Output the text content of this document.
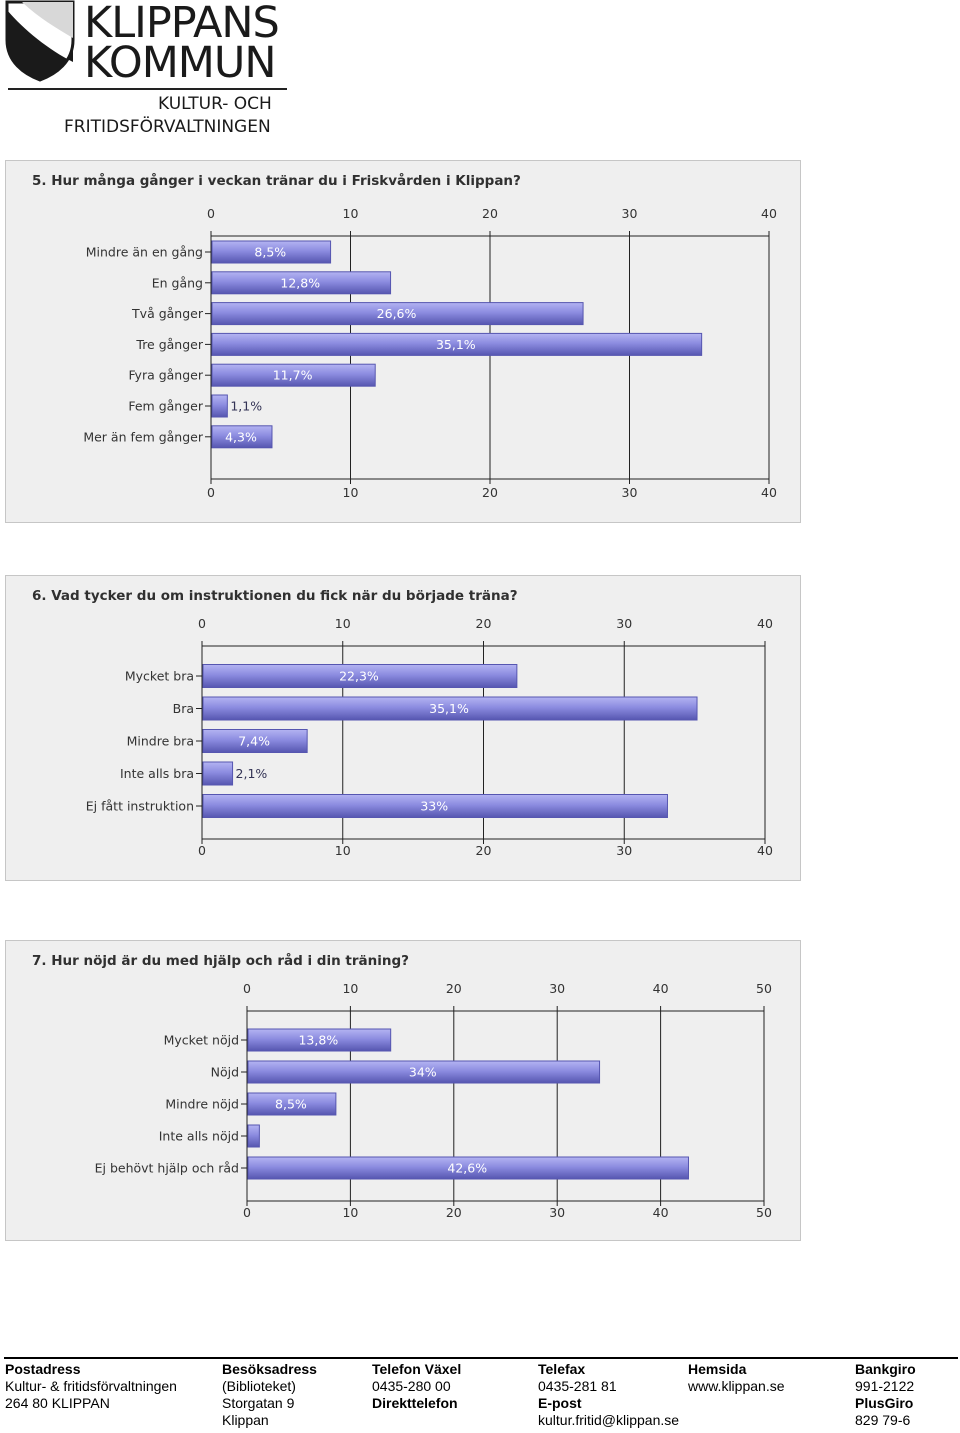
KLIPPANS
KOMMUN
KULTUR- OCH
FRITIDSFÖRVALTNINGEN
5. Hur många gånger i veckan tränar du i Friskvården i Klippan?
0
0
10
10
20
20
30
30
40
40
Mindre än en gång	8,5%
En gång	12,8%
Två gånger	26,6%
Tre gånger	35,1%
Fyra gånger	11,7%
Fem gånger 1,1%
Mer än fem gånger 4,3%
6. Vad tycker du om instruktionen du fick när du började träna?
0
0
10
10
20
20
30
30
40
40
Mycket bra	22,3%
Bra	35,1%
Mindre bra	7,4%
Inte alls bra	2,1%
Ej fått instruktion	33%
7. Hur nöjd är du med hjälp och råd i din träning?
0
0
10
10
20
20
30
30
40
40
50
50
Mycket nöjd	13,8%
Nöjd	34%
Mindre nöjd	8,5%
Inte alls nöjd
Ej behövt hjälp och råd	42,6%
Postadress
Kultur- & fritidsförvaltningen
264 80 KLIPPAN
Besöksadress
(Biblioteket)
Storgatan 9
Klippan
Telefon Växel
0435-280 00
Direkttelefon
Telefax
0435-281 81
E-post
kultur.fritid@klippan.se
Hemsida
www.klippan.se
Bankgiro
991-2122
PlusGiro
829 79-6
